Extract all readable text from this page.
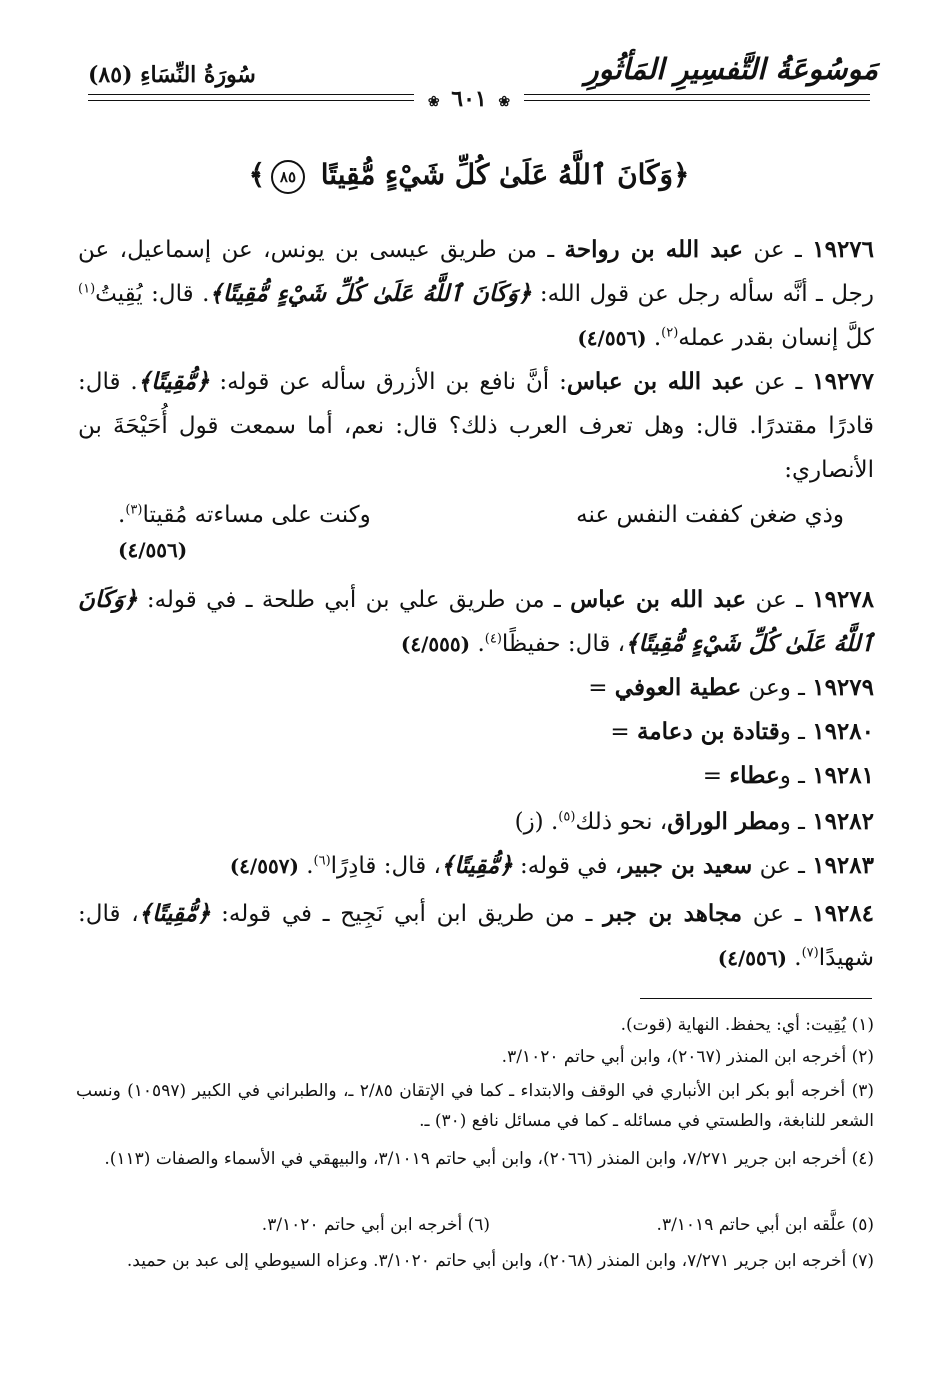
مَوسُوعَةُ التَّفسِيرِ المَأثُورِ
سُورَةُ النِّسَاءِ (٨٥)
❀ ٦٠١ ❀
﴿وَكَانَ ٱللَّهُ عَلَىٰ كُلِّ شَيْءٍ مُّقِيتًا ٨٥﴾
١٩٢٧٦ ـ عن عبد الله بن رواحة ـ من طريق عيسى بن يونس، عن إسماعيل، عن رجل ـ أنَّه سأله رجل عن قول الله: ﴿وَكَانَ ٱللَّهُ عَلَىٰ كُلِّ شَيْءٍ مُّقِيتًا﴾. قال: يُقِيتُ$^{(١)}$ كلَّ إنسان بقدر عمله$^{(٢)}$. (٤/٥٥٦)
١٩٢٧٧ ـ عن عبد الله بن عباس: أنَّ نافع بن الأزرق سأله عن قوله: ﴿مُّقِيتًا﴾. قال: قادرًا مقتدرًا. قال: وهل تعرف العرب ذلك؟ قال: نعم، أما سمعت قول أُحَيْحَةَ بن الأنصاري:
وذي ضغن كففت النفس عنه
وكنت على مساءته مُقيتا$^{(٣)}$.
(٤/٥٥٦)
١٩٢٧٨ ـ عن عبد الله بن عباس ـ من طريق علي بن أبي طلحة ـ في قوله: ﴿وَكَانَ ٱللَّهُ عَلَىٰ كُلِّ شَيْءٍ مُّقِيتًا﴾، قال: حفيظًا$^{(٤)}$. (٤/٥٥٥)
١٩٢٧٩ ـ وعن عطية العوفي =
١٩٢٨٠ ـ وقتادة بن دعامة =
١٩٢٨١ ـ وعطاء =
١٩٢٨٢ ـ ومطر الوراق، نحو ذلك$^{(٥)}$. (ز)
١٩٢٨٣ ـ عن سعيد بن جبير، في قوله: ﴿مُّقِيتًا﴾، قال: قادِرًا$^{(٦)}$. (٤/٥٥٧)
١٩٢٨٤ ـ عن مجاهد بن جبر ـ من طريق ابن أبي نَجِيح ـ في قوله: ﴿مُّقِيتًا﴾، قال: شهيدًا$^{(٧)}$. (٤/٥٥٦)
(١) يُقِيت: أي: يحفظ. النهاية (قوت).
(٢) أخرجه ابن المنذر (٢٠٦٧)، وابن أبي حاتم ٣/١٠٢٠.
(٣) أخرجه أبو بكر ابن الأنباري في الوقف والابتداء ـ كما في الإتقان ٢/٨٥ ـ، والطبراني في الكبير (١٠٥٩٧) ونسب الشعر للنابغة، والطستي في مسائله ـ كما في مسائل نافع (٣٠) ـ.
(٤) أخرجه ابن جرير ٧/٢٧١، وابن المنذر (٢٠٦٦)، وابن أبي حاتم ٣/١٠١٩، والبيهقي في الأسماء والصفات (١١٣).
(٥) علَّقه ابن أبي حاتم ٣/١٠١٩.
(٦) أخرجه ابن أبي حاتم ٣/١٠٢٠.
(٧) أخرجه ابن جرير ٧/٢٧١، وابن المنذر (٢٠٦٨)، وابن أبي حاتم ٣/١٠٢٠. وعزاه السيوطي إلى عبد بن حميد.
